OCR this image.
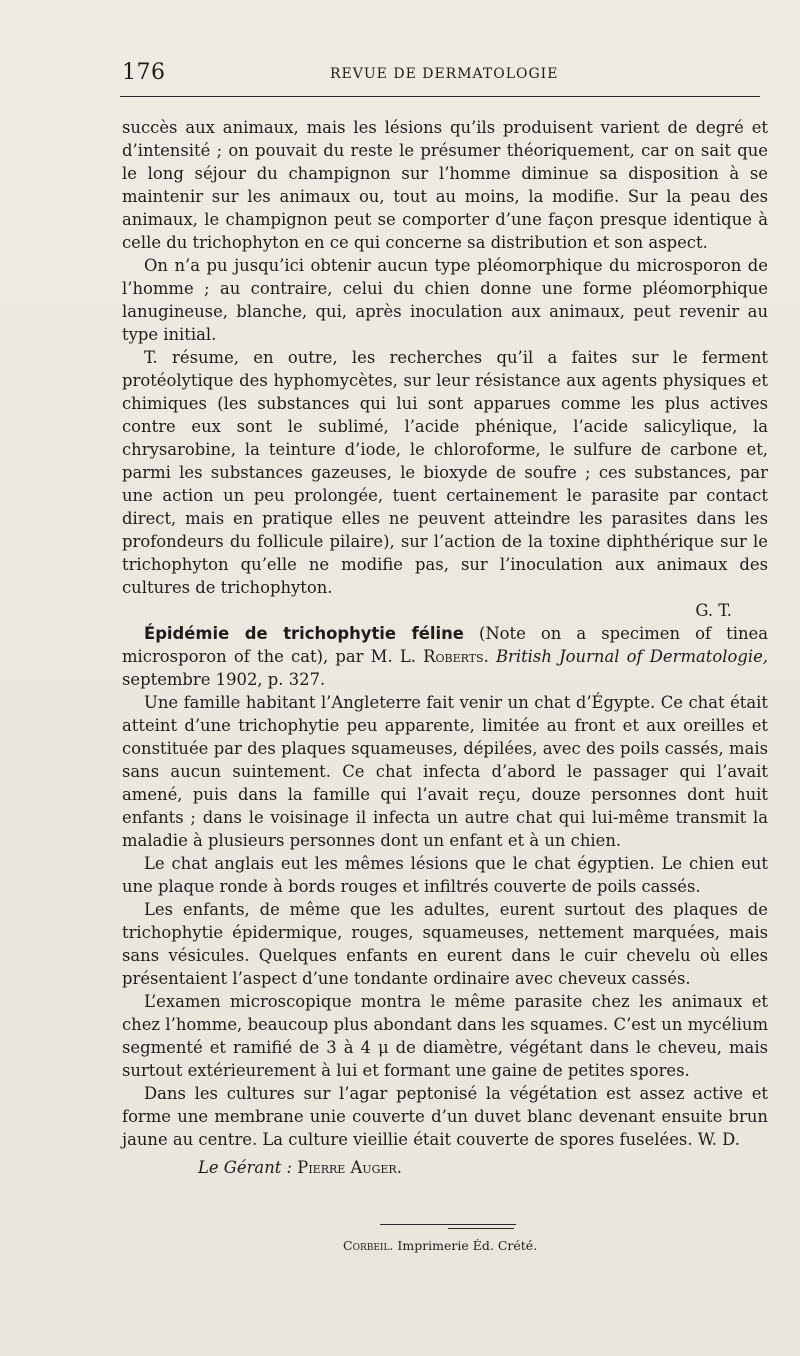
176	REVUE DE DERMATOLOGIE

succès aux animaux, mais les lésions qu’ils produisent varient de degré et d’intensité ; on pouvait du reste le présumer théoriquement, car on sait que le long séjour du champignon sur l’homme diminue sa disposition à se maintenir sur les animaux ou, tout au moins, la modifie. Sur la peau des animaux, le champignon peut se comporter d’une façon presque identique à celle du trichophyton en ce qui concerne sa distribution et son aspect.

On n’a pu jusqu’ici obtenir aucun type pléomorphique du microsporon de l’homme ; au contraire, celui du chien donne une forme pléomorphique lanugineuse, blanche, qui, après inoculation aux animaux, peut revenir au type initial.

T. résume, en outre, les recherches qu’il a faites sur le ferment protéolytique des hyphomycètes, sur leur résistance aux agents physiques et chimiques (les substances qui lui sont apparues comme les plus actives contre eux sont le sublimé, l’acide phénique, l’acide salicylique, la chrysarobine, la teinture d’iode, le chloroforme, le sulfure de carbone et, parmi les substances gazeuses, le bioxyde de soufre ; ces substances, par une action un peu prolongée, tuent certainement le parasite par contact direct, mais en pratique elles ne peuvent atteindre les parasites dans les profondeurs du follicule pilaire), sur l’action de la toxine diphthérique sur le trichophyton qu’elle ne modifie pas, sur l’inoculation aux animaux des cultures de trichophyton.

G. T.

Épidémie de trichophytie féline (Note on a specimen of tinea microsporon of the cat), par M. L. Roberts. British Journal of Dermatologie, septembre 1902, p. 327.

Une famille habitant l’Angleterre fait venir un chat d’Égypte. Ce chat était atteint d’une trichophytie peu apparente, limitée au front et aux oreilles et constituée par des plaques squameuses, dépilées, avec des poils cassés, mais sans aucun suintement. Ce chat infecta d’abord le passager qui l’avait amené, puis dans la famille qui l’avait reçu, douze personnes dont huit enfants ; dans le voisinage il infecta un autre chat qui lui-même transmit la maladie à plusieurs personnes dont un enfant et à un chien.

Le chat anglais eut les mêmes lésions que le chat égyptien. Le chien eut une plaque ronde à bords rouges et infiltrés couverte de poils cassés.

Les enfants, de même que les adultes, eurent surtout des plaques de trichophytie épidermique, rouges, squameuses, nettement marquées, mais sans vésicules. Quelques enfants en eurent dans le cuir chevelu où elles présentaient l’aspect d’une tondante ordinaire avec cheveux cassés.

L’examen microscopique montra le même parasite chez les animaux et chez l’homme, beaucoup plus abondant dans les squames. C’est un mycélium segmenté et ramifié de 3 à 4 μ de diamètre, végétant dans le cheveu, mais surtout extérieurement à lui et formant une gaine de petites spores.

Dans les cultures sur l’agar peptonisé la végétation est assez active et forme une membrane unie couverte d’un duvet blanc devenant ensuite brun jaune au centre. La culture vieillie était couverte de spores fuselées. W. D.

Le Gérant : Pierre Auger.
Corbeil. Imprimerie Éd. Crété.
